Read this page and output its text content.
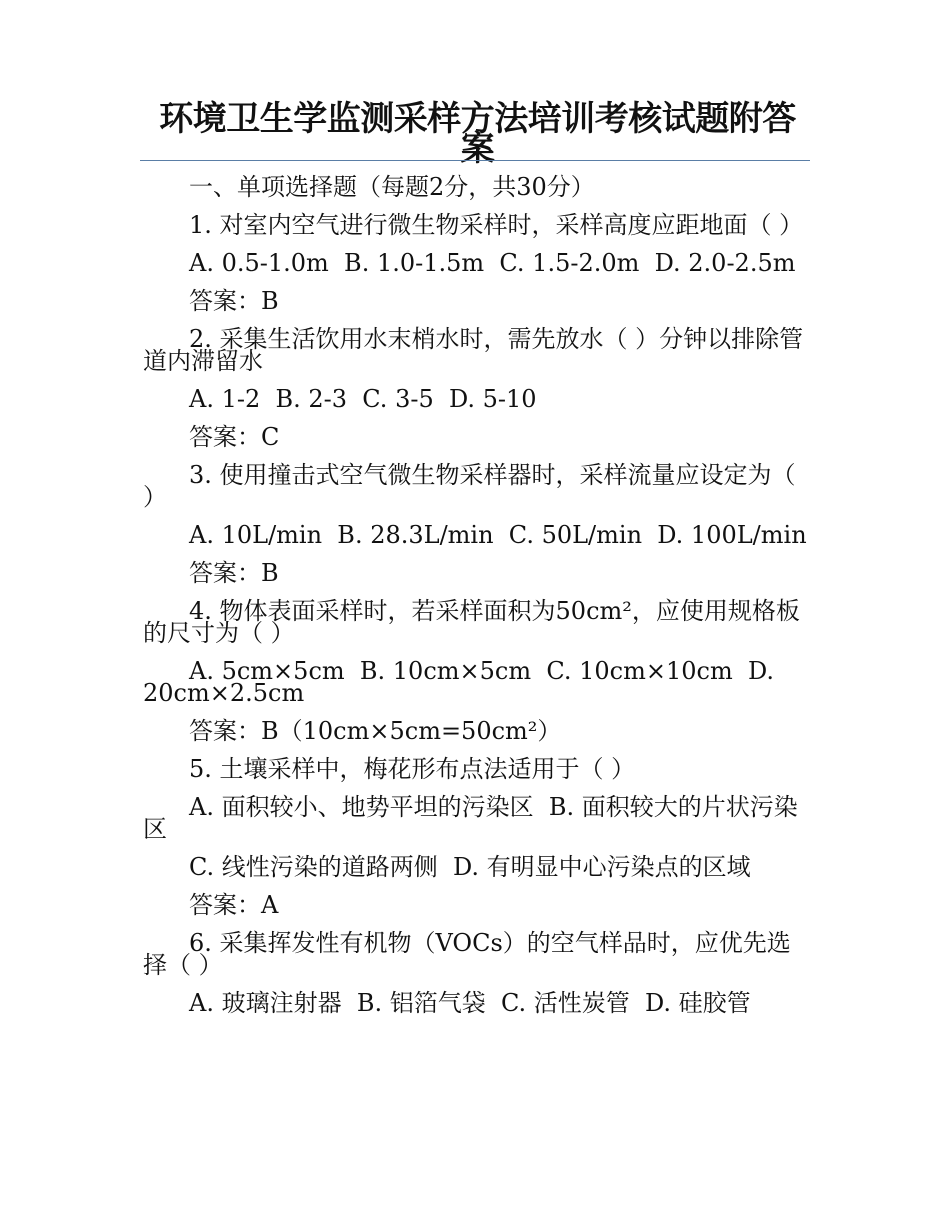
环境卫生学监测采样方法培训考核试题附答案

一、单项选择题（每题2分，共30分）

1. 对室内空气进行微生物采样时，采样高度应距地面（ ）

A. 0.5-1.0m  B. 1.0-1.5m  C. 1.5-2.0m  D. 2.0-2.5m

答案：B

2. 采集生活饮用水末梢水时，需先放水（ ）分钟以排除管道内滞留水

A. 1-2  B. 2-3  C. 3-5  D. 5-10

答案：C

3. 使用撞击式空气微生物采样器时，采样流量应设定为（ ）

A. 10L/min  B. 28.3L/min  C. 50L/min  D. 100L/min

答案：B

4. 物体表面采样时，若采样面积为50cm²，应使用规格板的尺寸为（ ）

A. 5cm×5cm  B. 10cm×5cm  C. 10cm×10cm  D. 20cm×2.5cm

答案：B（10cm×5cm=50cm²）

5. 土壤采样中，梅花形布点法适用于（ ）

A. 面积较小、地势平坦的污染区  B. 面积较大的片状污染区

C. 线性污染的道路两侧  D. 有明显中心污染点的区域

答案：A

6. 采集挥发性有机物（VOCs）的空气样品时，应优先选择（ ）

A. 玻璃注射器  B. 铝箔气袋  C. 活性炭管  D. 硅胶管
